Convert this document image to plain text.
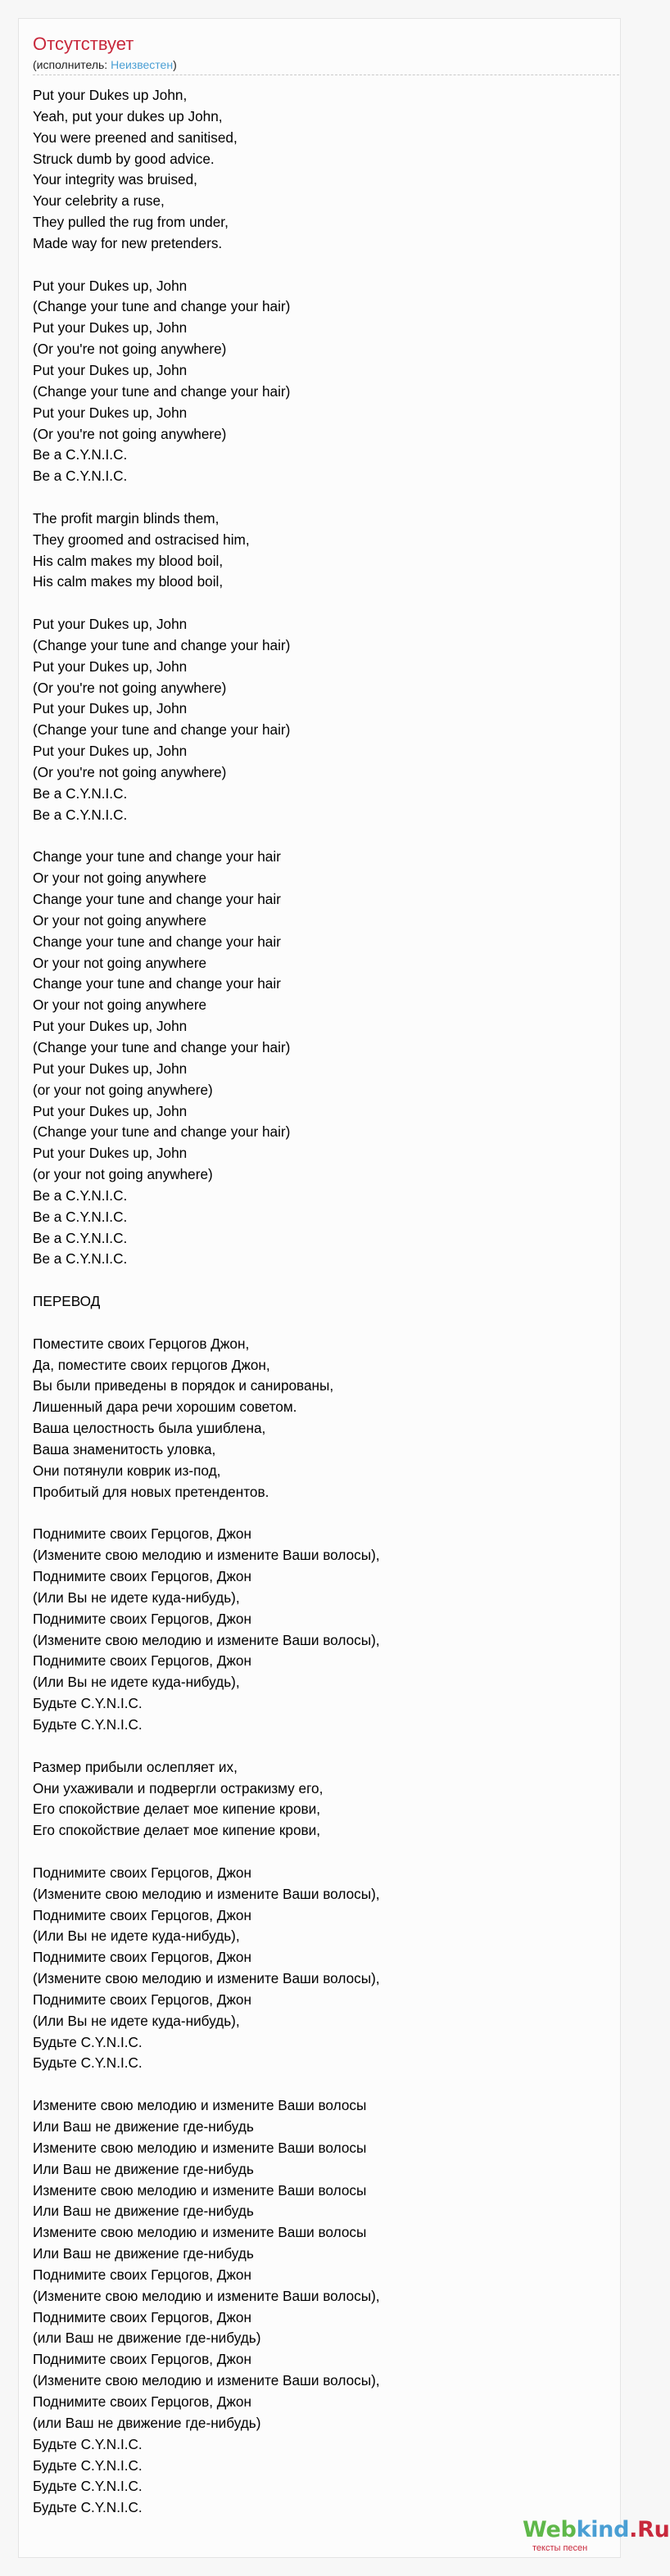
Отсутствует
(исполнитель: Неизвестен)
Put your Dukes up John,
Yeah, put your dukes up John,
You were preened and sanitised,
Struck dumb by good advice.
Your integrity was bruised,
Your celebrity a ruse,
They pulled the rug from under,
Made way for new pretenders.
Put your Dukes up, John
(Change your tune and change your hair)
Put your Dukes up, John
(Or you're not going anywhere)
Put your Dukes up, John
(Change your tune and change your hair)
Put your Dukes up, John
(Or you're not going anywhere)
Be a C.Y.N.I.C.
Be a C.Y.N.I.C.
The profit margin blinds them,
They groomed and ostracised him,
His calm makes my blood boil,
His calm makes my blood boil,
Put your Dukes up, John
(Change your tune and change your hair)
Put your Dukes up, John
(Or you're not going anywhere)
Put your Dukes up, John
(Change your tune and change your hair)
Put your Dukes up, John
(Or you're not going anywhere)
Be a C.Y.N.I.C.
Be a C.Y.N.I.C.
Change your tune and change your hair
Or your not going anywhere
Change your tune and change your hair
Or your not going anywhere
Change your tune and change your hair
Or your not going anywhere
Change your tune and change your hair
Or your not going anywhere
Put your Dukes up, John
(Change your tune and change your hair)
Put your Dukes up, John
(or your not going anywhere)
Put your Dukes up, John
(Change your tune and change your hair)
Put your Dukes up, John
(or your not going anywhere)
Be a C.Y.N.I.C.
Be a C.Y.N.I.C.
Be a C.Y.N.I.C.
Be a C.Y.N.I.C.
ПЕРЕВОД
Поместите своих Герцогов Джон,
Да, поместите своих герцогов Джон,
Вы были приведены в порядок и санированы,
Лишенный дара речи хорошим советом.
Ваша целостность была ушиблена,
Ваша знаменитость уловка,
Они потянули коврик из-под,
Пробитый для новых претендентов.
Поднимите своих Герцогов, Джон
(Измените свою мелодию и измените Ваши волосы),
Поднимите своих Герцогов, Джон
(Или Вы не идете куда-нибудь),
Поднимите своих Герцогов, Джон
(Измените свою мелодию и измените Ваши волосы),
Поднимите своих Герцогов, Джон
(Или Вы не идете куда-нибудь),
Будьте C.Y.N.I.C.
Будьте C.Y.N.I.C.
Размер прибыли ослепляет их,
Они ухаживали и подвергли остракизму его,
Его спокойствие делает мое кипение крови,
Его спокойствие делает мое кипение крови,
Поднимите своих Герцогов, Джон
(Измените свою мелодию и измените Ваши волосы),
Поднимите своих Герцогов, Джон
(Или Вы не идете куда-нибудь),
Поднимите своих Герцогов, Джон
(Измените свою мелодию и измените Ваши волосы),
Поднимите своих Герцогов, Джон
(Или Вы не идете куда-нибудь),
Будьте C.Y.N.I.C.
Будьте C.Y.N.I.C.
Измените свою мелодию и измените Ваши волосы
Или Ваш не движение где-нибудь
Измените свою мелодию и измените Ваши волосы
Или Ваш не движение где-нибудь
Измените свою мелодию и измените Ваши волосы
Или Ваш не движение где-нибудь
Измените свою мелодию и измените Ваши волосы
Или Ваш не движение где-нибудь
Поднимите своих Герцогов, Джон
(Измените свою мелодию и измените Ваши волосы),
Поднимите своих Герцогов, Джон
(или Ваш не движение где-нибудь)
Поднимите своих Герцогов, Джон
(Измените свою мелодию и измените Ваши волосы),
Поднимите своих Герцогов, Джон
(или Ваш не движение где-нибудь)
Будьте C.Y.N.I.C.
Будьте C.Y.N.I.C.
Будьте C.Y.N.I.C.
Будьте C.Y.N.I.C.
Webkind.Ru
тексты песен
